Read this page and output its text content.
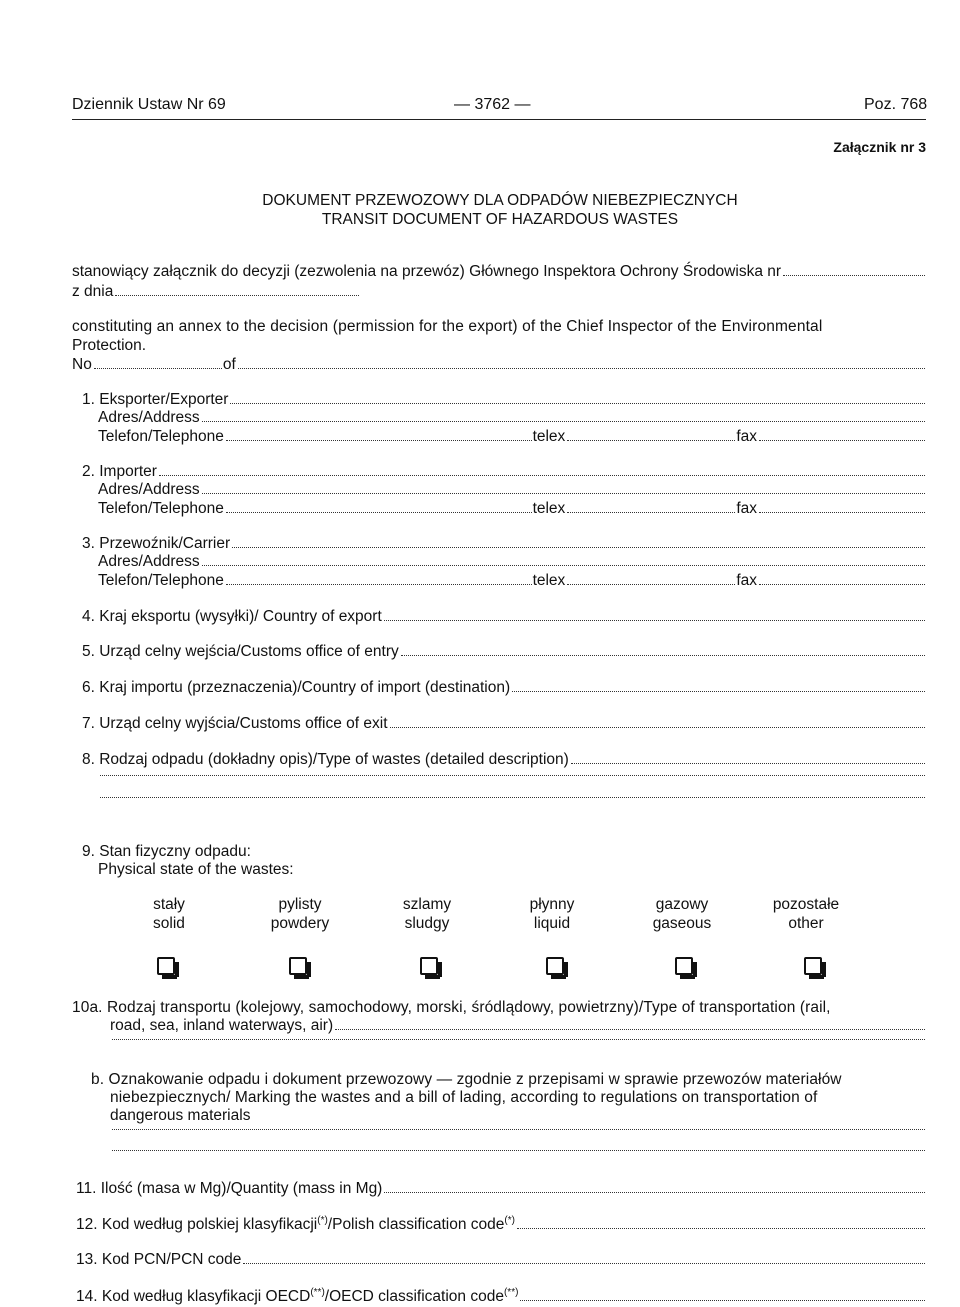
Dziennik Ustaw Nr 69	— 3762 —	Poz. 768
Załącznik nr 3
DOKUMENT PRZEWOZOWY DLA ODPADÓW NIEBEZPIECZNYCH
TRANSIT DOCUMENT OF HAZARDOUS WASTES
stanowiący załącznik do decyzji (zezwolenia na przewóz) Głównego Inspektora Ochrony Środowiska nr
z dnia
constituting an annex to the decision (permission for the export) of the Chief Inspector of the Environmental
Protection.
No	of
1. Eksporter/Exporter
Adres/Address
Telefon/Telephone	telex	fax
2. Importer
Adres/Address
Telefon/Telephone	telex	fax
3. Przewoźnik/Carrier
Adres/Address
Telefon/Telephone	telex	fax
4. Kraj eksportu (wysyłki)/ Country of export
5. Urząd celny wejścia/Customs office of entry
6. Kraj importu (przeznaczenia)/Country of import (destination)
7. Urząd celny wyjścia/Customs office of exit
8. Rodzaj odpadu (dokładny opis)/Type of wastes (detailed description)
9. Stan fizyczny odpadu:
Physical state of the wastes:
stały
solid
pylisty
powdery
szlamy
sludgy
płynny
liquid
gazowy
gaseous
pozostałe
other
10a. Rodzaj transportu (kolejowy, samochodowy, morski, śródlądowy, powietrzny)/Type of transportation (rail,
road, sea, inland waterways, air)
b. Oznakowanie odpadu i dokument przewozowy — zgodnie z przepisami w sprawie przewozów materiałów
niebezpiecznych/ Marking the wastes and a bill of lading, according to regulations on transportation of
dangerous materials
11. Ilość (masa w Mg)/Quantity (mass in Mg)
12. Kod według polskiej klasyfikacji(*)/Polish classification code(*)
13. Kod PCN/PCN code
14. Kod według klasyfikacji OECD(**)/OECD classification code(**)
